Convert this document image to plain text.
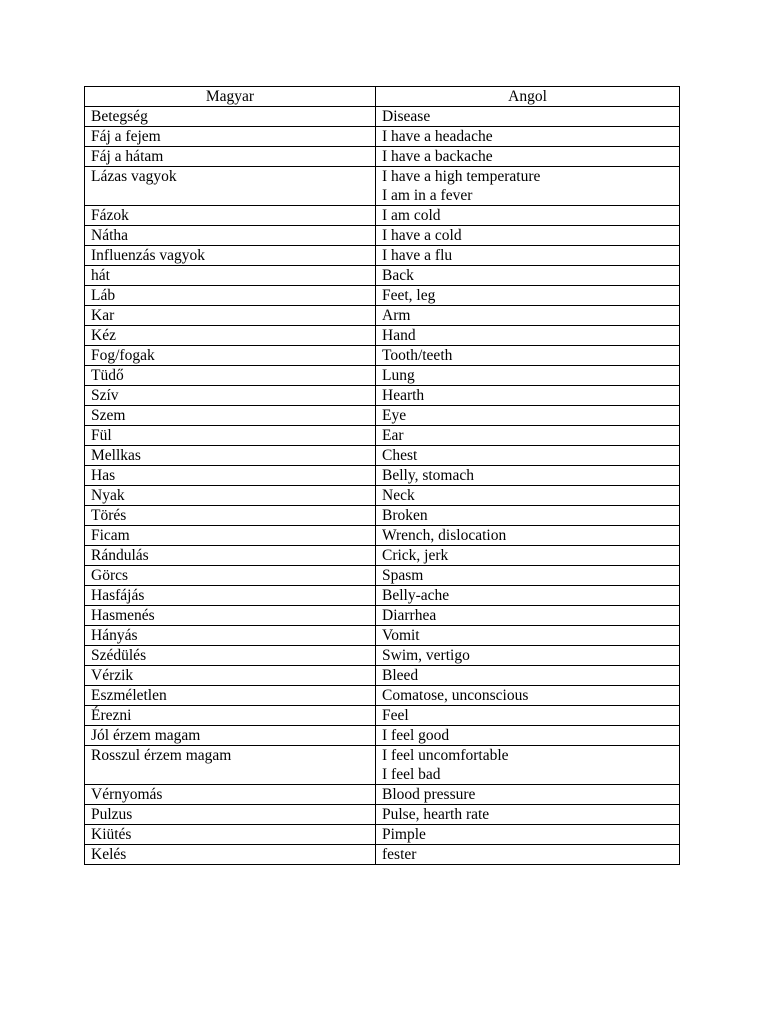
Magyar	Angol
Betegség	Disease

Fáj a fejem	I have a headache

Fáj a hátam	I have a backache

Lázas vagyok	I have a high temperature
I am in a fever

Fázok	I am cold

Nátha	I have a cold

Influenzás vagyok	I have a flu

hát	Back

Láb	Feet, leg

Kar	Arm

Kéz	Hand

Fog/fogak	Tooth/teeth

Tüdő	Lung

Szív	Hearth

Szem	Eye

Fül	Ear

Mellkas	Chest

Has	Belly, stomach

Nyak	Neck

Törés	Broken

Ficam	Wrench, dislocation

Rándulás	Crick, jerk

Görcs	Spasm

Hasfájás	Belly-ache

Hasmenés	Diarrhea

Hányás	Vomit

Szédülés	Swim, vertigo

Vérzik	Bleed

Eszméletlen	Comatose, unconscious

Érezni	Feel

Jól érzem magam	I feel good

Rosszul érzem magam	I feel uncomfortable
I feel bad

Vérnyomás	Blood pressure

Pulzus	Pulse, hearth rate

Kiütés	Pimple

Kelés	fester
